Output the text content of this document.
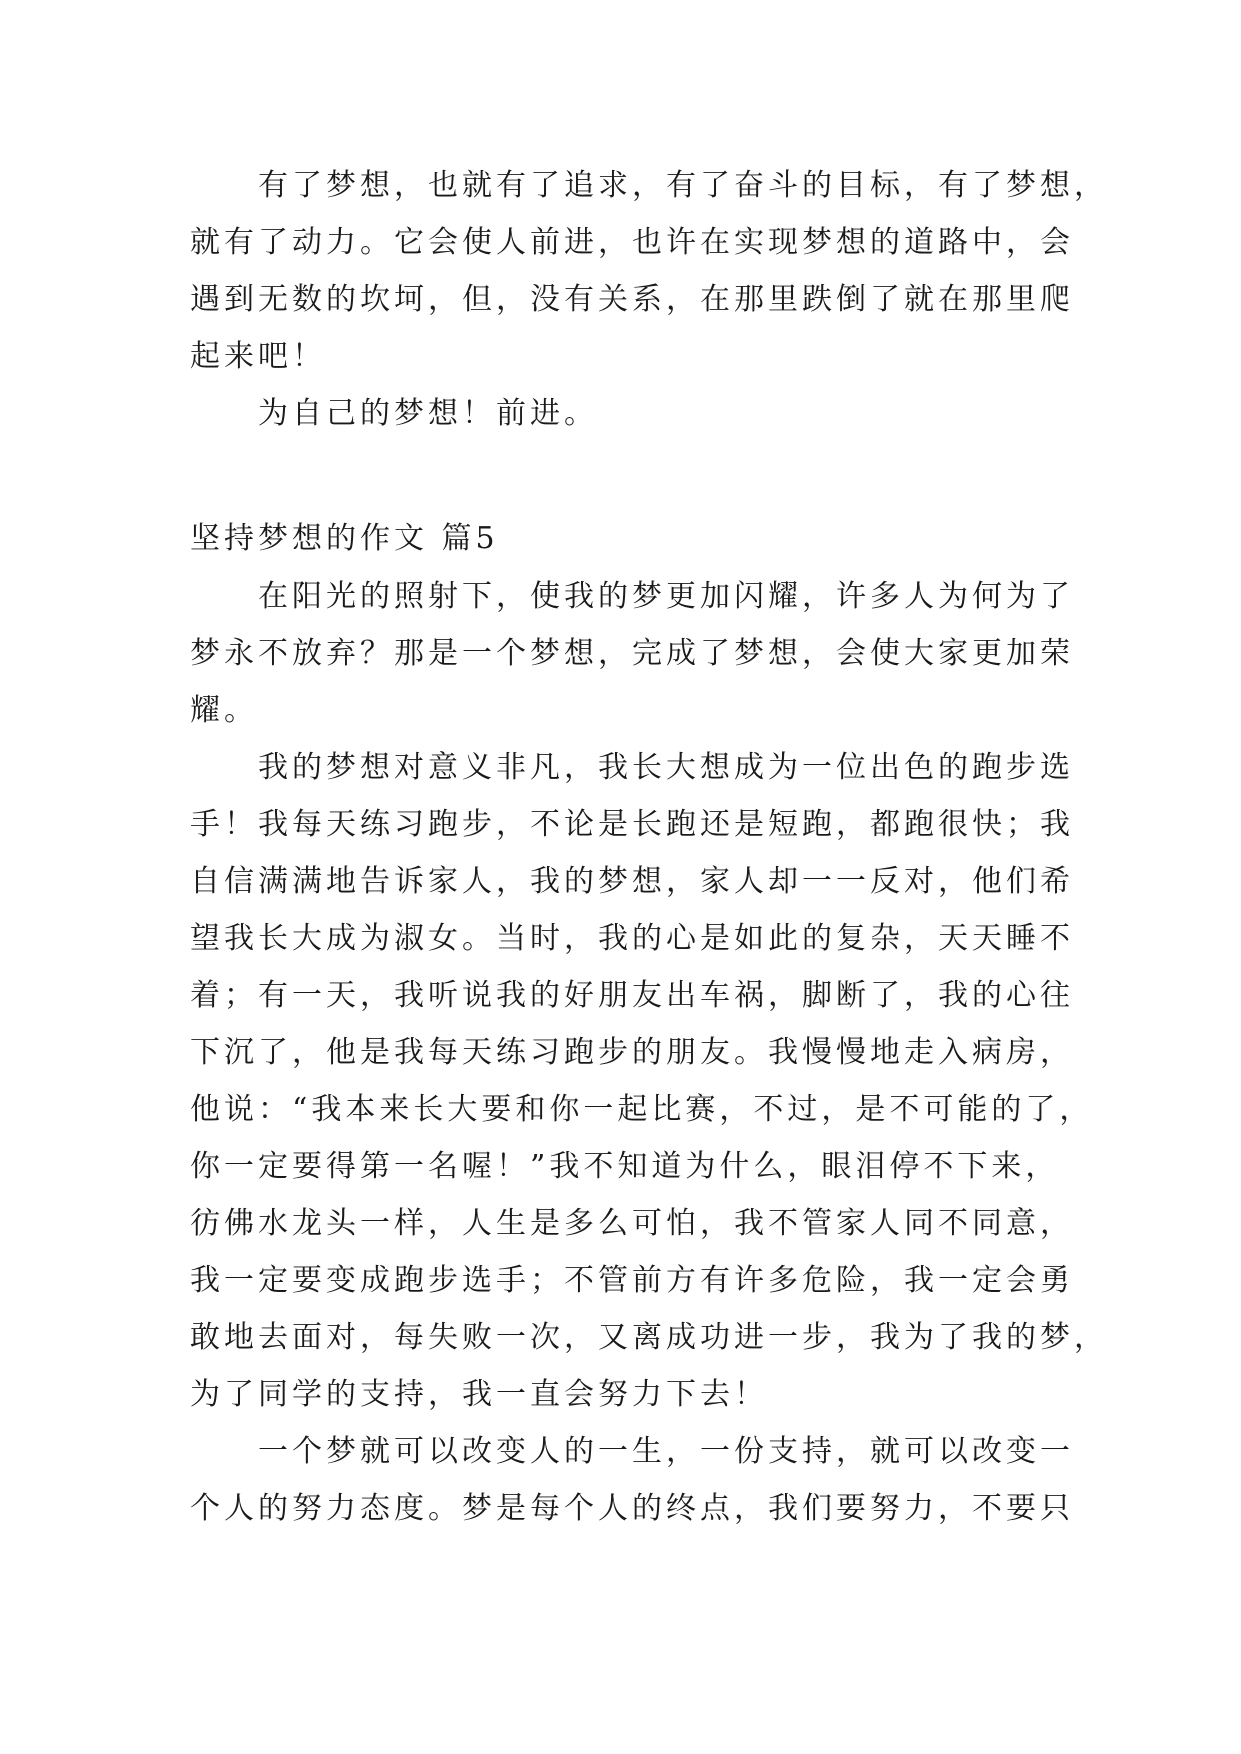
有了梦想，也就有了追求，有了奋斗的目标，有了梦想，
就有了动力。它会使人前进，也许在实现梦想的道路中，会
遇到无数的坎坷，但，没有关系，在那里跌倒了就在那里爬
起来吧！
为自己的梦想！前进。
坚持梦想的作文 篇5
在阳光的照射下，使我的梦更加闪耀，许多人为何为了
梦永不放弃？那是一个梦想，完成了梦想，会使大家更加荣
耀。
我的梦想对意义非凡，我长大想成为一位出色的跑步选
手！我每天练习跑步，不论是长跑还是短跑，都跑很快；我
自信满满地告诉家人，我的梦想，家人却一一反对，他们希
望我长大成为淑女。当时，我的心是如此的复杂，天天睡不
着；有一天，我听说我的好朋友出车祸，脚断了，我的心往
下沉了，他是我每天练习跑步的朋友。我慢慢地走入病房，
他说：“我本来长大要和你一起比赛，不过，是不可能的了，
你一定要得第一名喔！”我不知道为什么，眼泪停不下来，
彷佛水龙头一样，人生是多么可怕，我不管家人同不同意，
我一定要变成跑步选手；不管前方有许多危险，我一定会勇
敢地去面对，每失败一次，又离成功进一步，我为了我的梦，
为了同学的支持，我一直会努力下去！
一个梦就可以改变人的一生，一份支持，就可以改变一
个人的努力态度。梦是每个人的终点，我们要努力，不要只
